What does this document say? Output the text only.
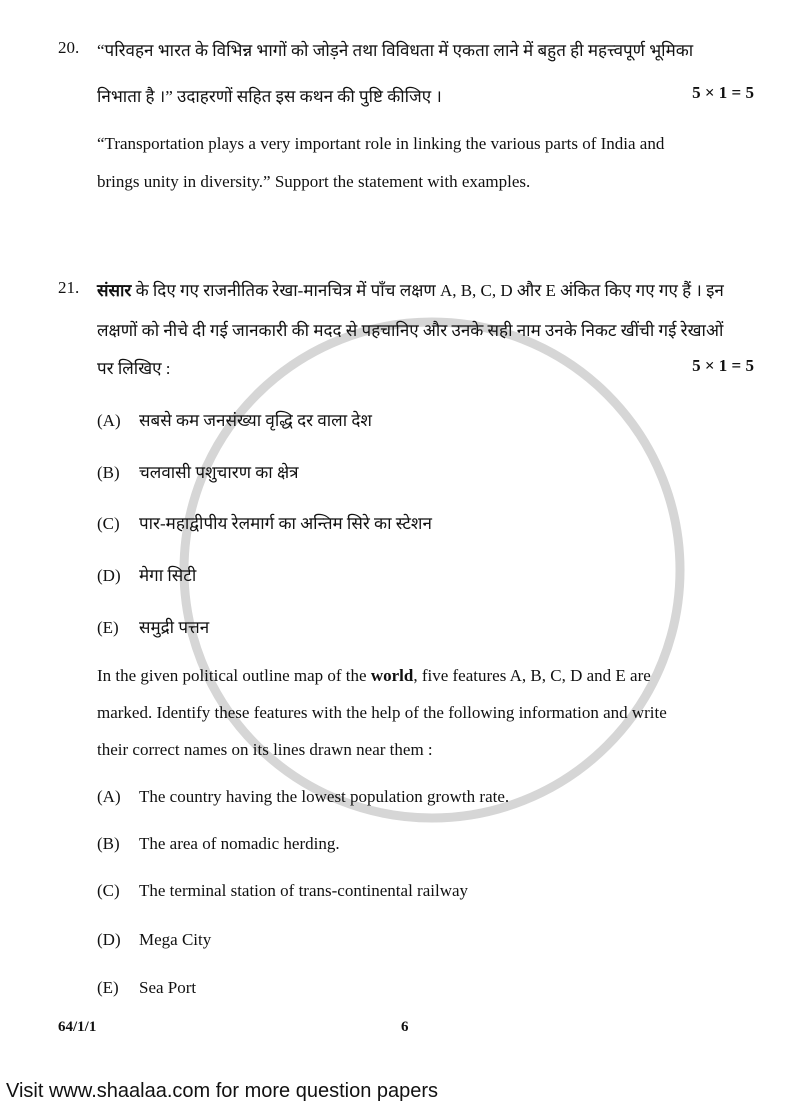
20. “परिवहन भारत के विभिन्न भागों को जोड़ने तथा विविधता में एकता लाने में बहुत ही महत्त्वपूर्ण भूमिका
निभाता है ।” उदाहरणों सहित इस कथन की पुष्टि कीजिए ।	5 × 1 = 5
“Transportation plays a very important role in linking the various parts of India and
brings unity in diversity.” Support the statement with examples.
21. संसार के दिए गए राजनीतिक रेखा-मानचित्र में पाँच लक्षण A, B, C, D और E अंकित किए गए गए हैं । इन
लक्षणों को नीचे दी गई जानकारी की मदद से पहचानिए और उनके सही नाम उनके निकट खींची गई रेखाओं
पर लिखिए :	5 × 1 = 5
(A) सबसे कम जनसंख्या वृद्धि दर वाला देश
(B) चलवासी पशुचारण का क्षेत्र
(C) पार-महाद्वीपीय रेलमार्ग का अन्तिम सिरे का स्टेशन
(D) मेगा सिटी
(E) समुद्री पत्तन
In the given political outline map of the world, five features A, B, C, D and E are
marked. Identify these features with the help of the following information and write
their correct names on its lines drawn near them :
(A) The country having the lowest population growth rate.
(B) The area of nomadic herding.
(C) The terminal station of trans-continental railway
(D) Mega City
(E) Sea Port
64/1/1	6
Visit www.shaalaa.com for more question papers
